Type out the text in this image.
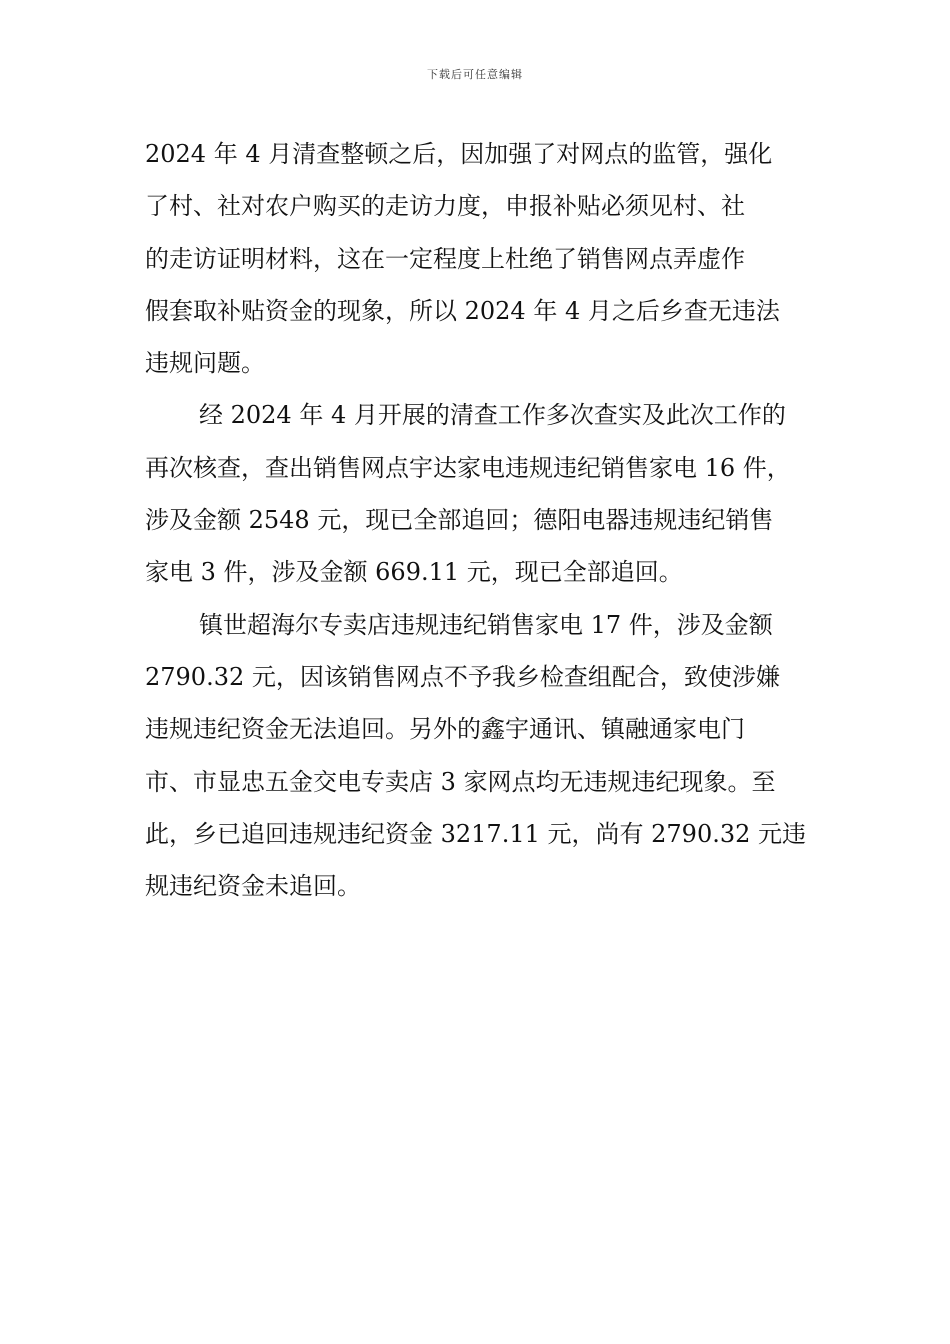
下载后可任意编辑

2024 年 4 月清查整顿之后，因加强了对网点的监管，强化
了村、社对农户购买的走访力度，申报补贴必须见村、社
的走访证明材料，这在一定程度上杜绝了销售网点弄虚作
假套取补贴资金的现象，所以 2024 年 4 月之后乡查无违法
违规问题。

经 2024 年 4 月开展的清查工作多次查实及此次工作的
再次核查，查出销售网点宇达家电违规违纪销售家电 16 件，
涉及金额 2548 元，现已全部追回；德阳电器违规违纪销售
家电 3 件，涉及金额 669.11 元，现已全部追回。

镇世超海尔专卖店违规违纪销售家电 17 件，涉及金额
2790.32 元，因该销售网点不予我乡检查组配合，致使涉嫌
违规违纪资金无法追回。另外的鑫宇通讯、镇融通家电门
市、市显忠五金交电专卖店 3 家网点均无违规违纪现象。至
此，乡已追回违规违纪资金 3217.11 元，尚有 2790.32 元违
规违纪资金未追回。
